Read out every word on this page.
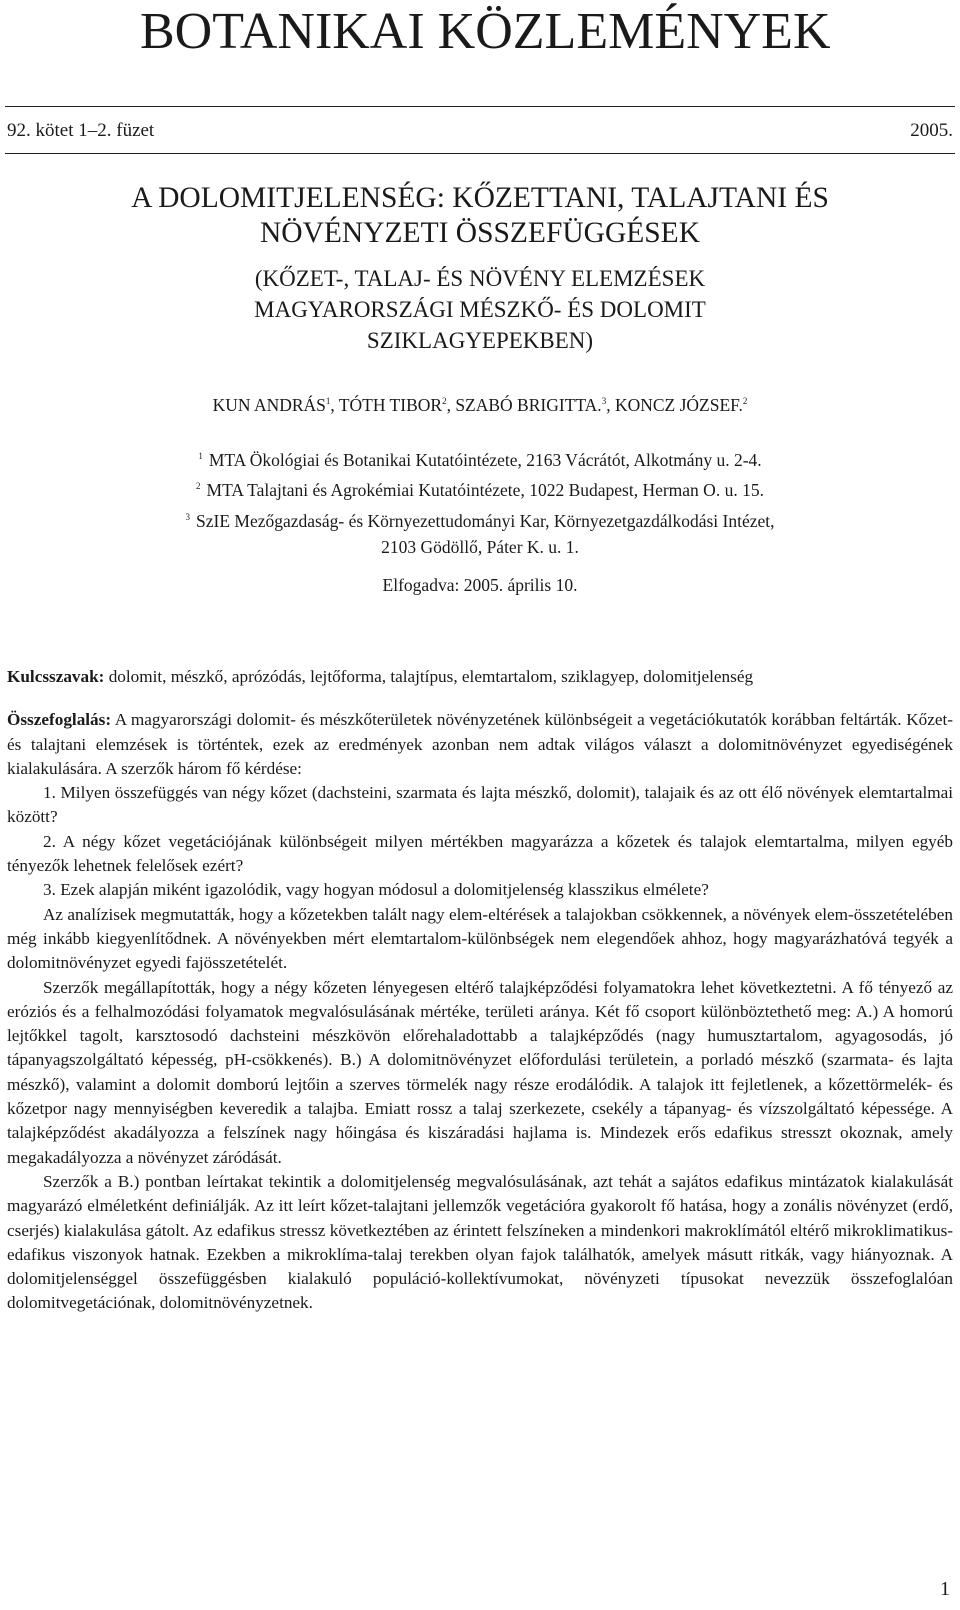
BOTANIKAI KÖZLEMÉNYEK
92. kötet 1–2. füzet	2005.
A DOLOMITJELENSÉG: KŐZETTANI, TALAJTANI ÉS
NÖVÉNYZETI ÖSSZEFÜGGÉSEK
(KŐZET-, TALAJ- ÉS NÖVÉNY ELEMZÉSEK
MAGYARORSZÁGI MÉSZKŐ- ÉS DOLOMIT
SZIKLAGYEPEKBEN)
KUN ANDRÁS$^1$, TÓTH TIBOR$^2$, SZABÓ BRIGITTA.$^3$, KONCZ JÓZSEF.$^2$
$^1$ MTA Ökológiai és Botanikai Kutatóintézete, 2163 Vácrátót, Alkotmány u. 2-4.
$^2$ MTA Talajtani és Agrokémiai Kutatóintézete, 1022 Budapest, Herman O. u. 15.
$^3$ SzIE Mezőgazdaság- és Környezettudományi Kar, Környezetgazdálkodási Intézet,
2103 Gödöllő, Páter K. u. 1.
Elfogadva: 2005. április 10.

Kulcsszavak: dolomit, mészkő, aprózódás, lejtőforma, talajtípus, elemtartalom, sziklagyep, dolomitjelenség

Összefoglalás: A magyarországi dolomit- és mészkőterületek növényzetének különbségeit a vegetációkutatók korábban feltárták. Kőzet- és talajtani elemzések is történtek, ezek az eredmények azonban nem adtak világos választ a dolomitnövényzet egyediségének kialakulására. A szerzők három fő kérdése:

1. Milyen összefüggés van négy kőzet (dachsteini, szarmata és lajta mészkő, dolomit), talajaik és az ott élő növények elemtartalmai között?

2. A négy kőzet vegetációjának különbségeit milyen mértékben magyarázza a kőzetek és talajok elemtartalma, milyen egyéb tényezők lehetnek felelősek ezért?

3. Ezek alapján miként igazolódik, vagy hogyan módosul a dolomitjelenség klasszikus elmélete?

Az analízisek megmutatták, hogy a kőzetekben talált nagy elem-eltérések a talajokban csökkennek, a növények elem-összetételében még inkább kiegyenlítődnek. A növényekben mért elemtartalom-különbségek nem elegendőek ahhoz, hogy magyarázhatóvá tegyék a dolomitnövényzet egyedi fajösszetételét.

Szerzők megállapították, hogy a négy kőzeten lényegesen eltérő talajképződési folyamatokra lehet következtetni. A fő tényező az eróziós és a felhalmozódási folyamatok megvalósulásának mértéke, területi aránya. Két fő csoport különböztethető meg: A.) A homorú lejtőkkel tagolt, karsztosodó dachsteini mészkövön előrehaladottabb a talajképződés (nagy humusztartalom, agyagosodás, jó tápanyagszolgáltató képesség, pH-csökkenés). B.) A dolomitnövényzet előfordulási területein, a porladó mészkő (szarmata- és lajta mészkő), valamint a dolomit domború lejtőin a szerves törmelék nagy része erodálódik. A talajok itt fejletlenek, a kőzettörmelék- és kőzetpor nagy mennyiségben keveredik a talajba. Emiatt rossz a talaj szerkezete, csekély a tápanyag- és vízszolgáltató képessége. A talajképződést akadályozza a felszínek nagy hőingása és kiszáradási hajlama is. Mindezek erős edafikus stresszt okoznak, amely megakadályozza a növényzet záródását.

Szerzők a B.) pontban leírtakat tekintik a dolomitjelenség megvalósulásának, azt tehát a sajátos edafikus mintázatok kialakulását magyarázó elméletként definiálják. Az itt leírt kőzet-talajtani jellemzők vegetációra gyakorolt fő hatása, hogy a zonális növényzet (erdő, cserjés) kialakulása gátolt. Az edafikus stressz következtében az érintett felszíneken a mindenkori makroklímától eltérő mikroklimatikus-edafikus viszonyok hatnak. Ezekben a mikroklíma-talaj terekben olyan fajok találhatók, amelyek másutt ritkák, vagy hiányoznak. A dolomitjelenséggel összefüggésben kialakuló populáció-kollektívumokat, növényzeti típusokat nevezzük összefoglalóan dolomitvegetációnak, dolomitnövényzetnek.

1
